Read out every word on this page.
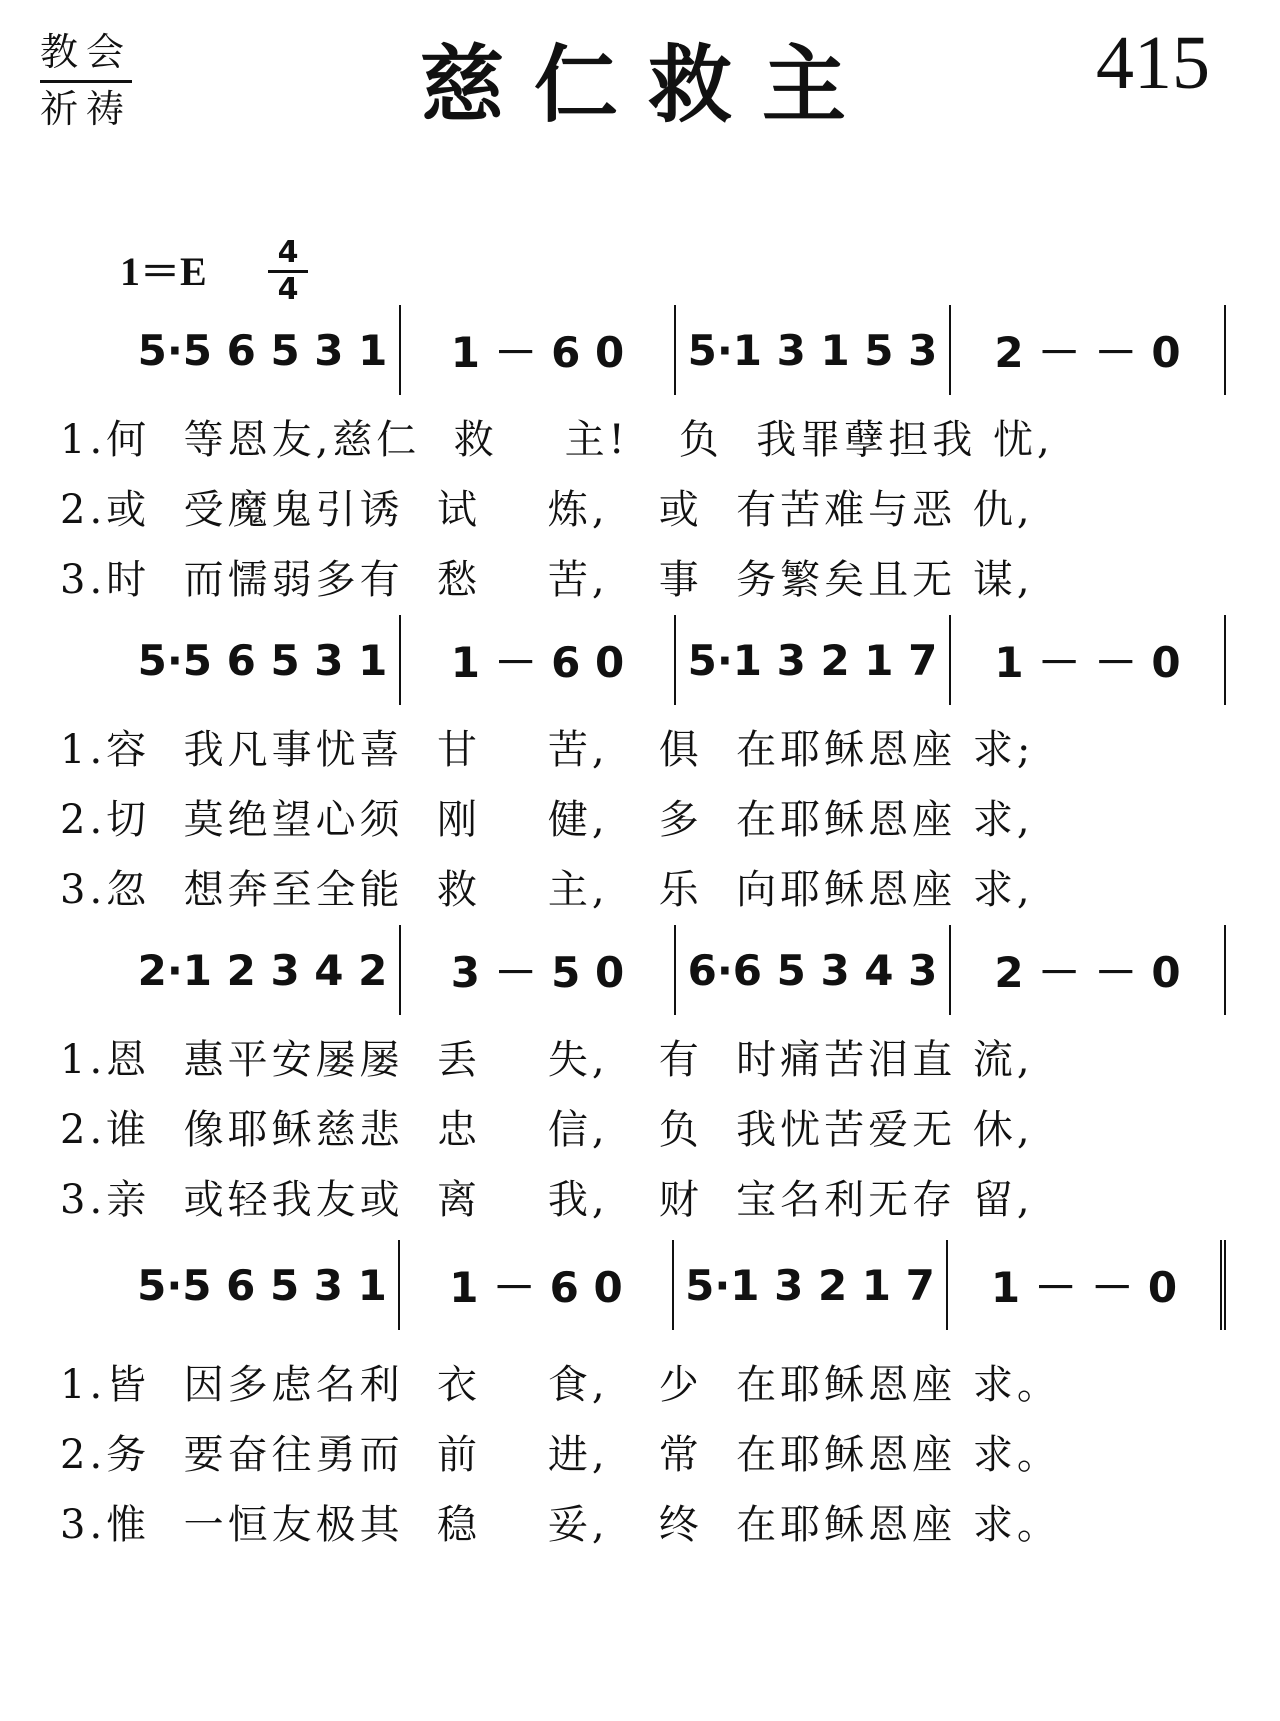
教会
祈祷	慈仁救主	415
1＝E	4
4
5·5 6 5 3 1 1 － 6 0 5·1 3 1 5 3 2 － － 0
1.何  等恩友,慈仁  救    主!   负  我罪孽担我 忧,
2.或  受魔鬼引诱  试    炼,   或  有苦难与恶 仇,
3.时  而懦弱多有  愁    苦,   事  务繁矣且无 谋,
5·5 6 5 3 1 1 － 6 0 5·1 3 2 1 7 1 － － 0
1.容  我凡事忧喜  甘    苦,   俱  在耶稣恩座 求;
2.切  莫绝望心须  刚    健,   多  在耶稣恩座 求,
3.忽  想奔至全能  救    主,   乐  向耶稣恩座 求,
2·1 2 3 4 2 3 － 5 0 6·6 5 3 4 3 2 － － 0
1.恩  惠平安屡屡  丢    失,   有  时痛苦泪直 流,
2.谁  像耶稣慈悲  忠    信,   负  我忧苦爱无 休,
3.亲  或轻我友或  离    我,   财  宝名利无存 留,
5·5 6 5 3 1 1 － 6 0 5·1 3 2 1 7 1 － － 0
1.皆  因多虑名利  衣    食,   少  在耶稣恩座 求。
2.务  要奋往勇而  前    进,   常  在耶稣恩座 求。
3.惟  一恒友极其  稳    妥,   终  在耶稣恩座 求。
